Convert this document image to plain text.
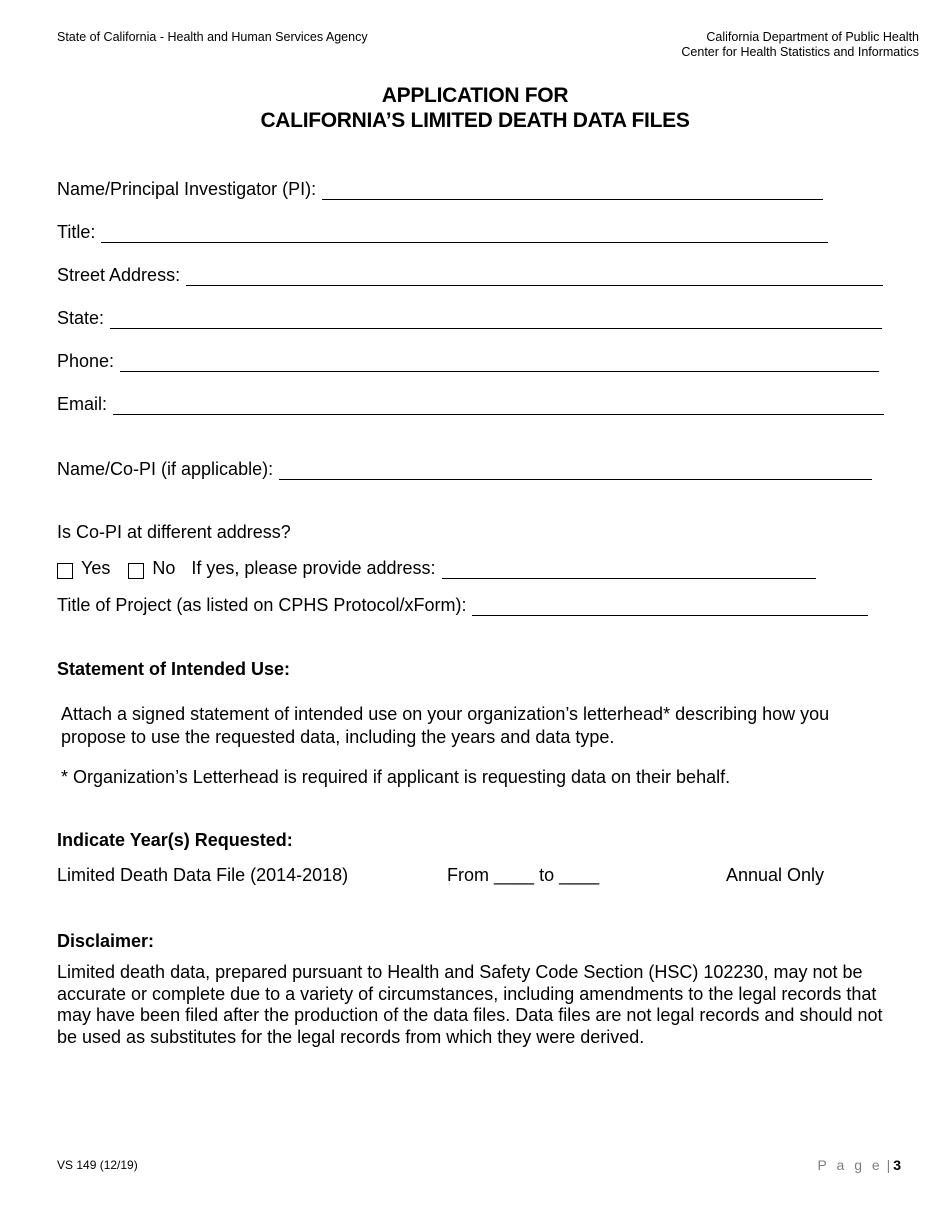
State of California - Health and Human Services Agency	California Department of Public Health
Center for Health Statistics and Informatics
APPLICATION FOR
CALIFORNIA’S LIMITED DEATH DATA FILES
Name/Principal Investigator (PI):
Title:
Street Address:
State:
Phone:
Email:
Name/Co-PI (if applicable):
Is Co-PI at different address?
Yes No If yes, please provide address:
Title of Project (as listed on CPHS Protocol/xForm):
Statement of Intended Use:
Attach a signed statement of intended use on your organization’s letterhead* describing how you propose to use the requested data, including the years and data type.
* Organization’s Letterhead is required if applicant is requesting data on their behalf.
Indicate Year(s) Requested:
Limited Death Data File (2014-2018)	From ____ to ____	Annual Only
Disclaimer:
Limited death data, prepared pursuant to Health and Safety Code Section (HSC) 102230, may not be accurate or complete due to a variety of circumstances, including amendments to the legal records that may have been filed after the production of the data files. Data files are not legal records and should not be used as substitutes for the legal records from which they were derived.
VS 149 (12/19)	P a g e |3
